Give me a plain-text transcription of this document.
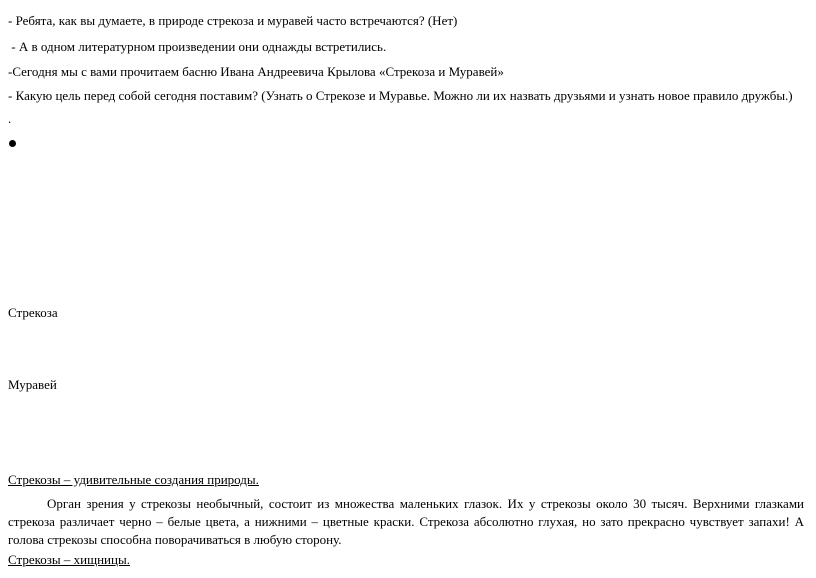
- Ребята, как вы думаете, в природе стрекоза и муравей часто встречаются? (Нет)

- А в одном литературном произведении они однажды встретились.

-Сегодня мы с вами прочитаем басню Ивана Андреевича Крылова «Стрекоза и Муравей»

- Какую цель перед собой сегодня поставим? (Узнать о Стрекозе и Муравье. Можно ли их назвать друзьями и узнать новое правило дружбы.)

.

Стрекоза

Муравей

Стрекозы – удивительные создания природы.

Орган зрения у стрекозы необычный, состоит из множества маленьких глазок. Их у стрекозы около 30 тысяч. Верхними глазками стрекоза различает черно – белые цвета, а нижними – цветные краски. Стрекоза абсолютно глухая, но зато прекрасно чувствует запахи! А голова стрекозы способна поворачиваться в любую сторону.

Стрекозы – хищницы.
